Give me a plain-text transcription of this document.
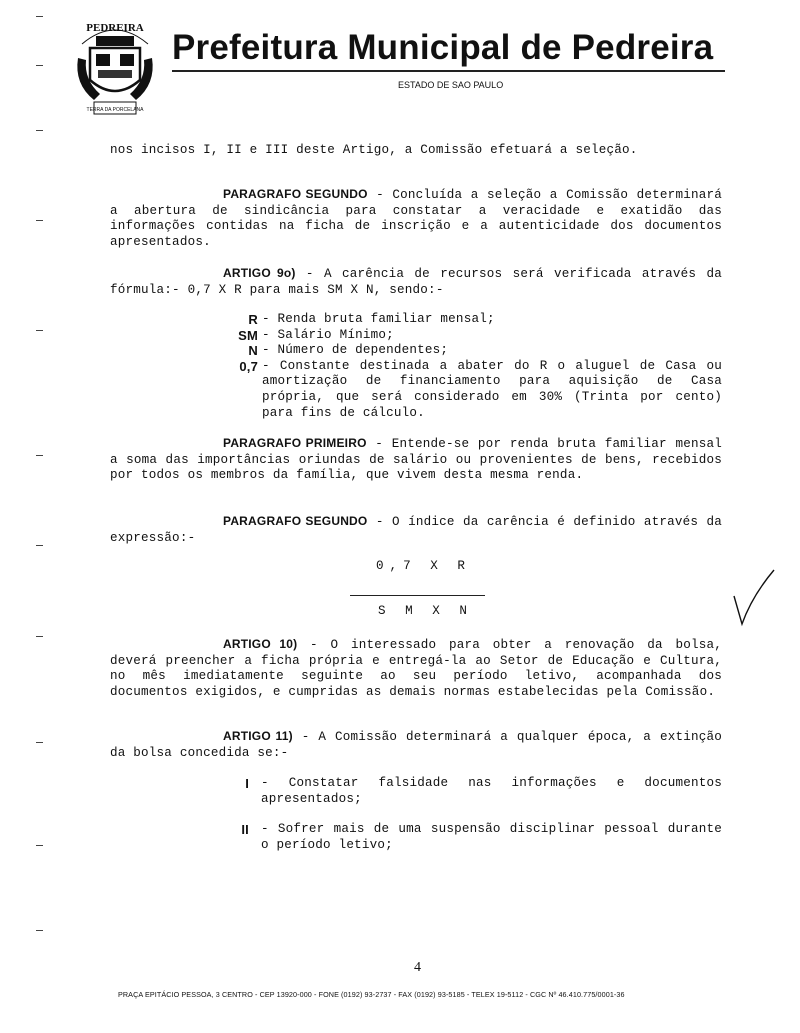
PEDREIRA
TERRA DA PORCELANA
Prefeitura Municipal de Pedreira
ESTADO DE SAO PAULO
nos incisos I, II e III deste Artigo, a Comissão efetuará a seleção.
PARAGRAFO SEGUNDO - Concluída a seleção a Comissão determinará a abertura de sindicância para constatar a veracidade e exatidão das informações contidas na ficha de inscrição e a autenticidade dos documentos apresentados.
ARTIGO 9o) - A carência de recursos será verificada através da fórmula:- 0,7 X R para mais SM X N, sendo:-
R - Renda bruta familiar mensal;
SM - Salário Mínimo;
N - Número de dependentes;
0,7 - Constante destinada a abater do R o aluguel de Casa ou amortização de financiamento para aquisição de Casa própria, que será considerado em 30% (Trinta por cento) para fins de cálculo.
PARAGRAFO PRIMEIRO - Entende-se por renda bruta familiar mensal a soma das importâncias oriundas de salário ou provenientes de bens, recebidos por todos os membros da família, que vivem desta mesma renda.
PARAGRAFO SEGUNDO - O índice da carência é definido através da expressão:-
0,7 X R
S M X N
ARTIGO 10) - O interessado para obter a renovação da bolsa, deverá preencher a ficha própria e entregá-la ao Setor de Educação e Cultura, no mês imediatamente seguinte ao seu período letivo, acompanhada dos documentos exigidos, e cumpridas as demais normas estabelecidas pela Comissão.
ARTIGO 11) - A Comissão determinará a qualquer época, a extinção da bolsa concedida se:-
I - Constatar falsidade nas informações e documentos apresentados;
II - Sofrer mais de uma suspensão disciplinar pessoal durante o período letivo;
4
PRAÇA EPITÁCIO PESSOA, 3 CENTRO - CEP 13920-000 - FONE (0192) 93-2737 - FAX (0192) 93-5185 - TELEX 19-5112 - CGC Nº 46.410.775/0001-36
